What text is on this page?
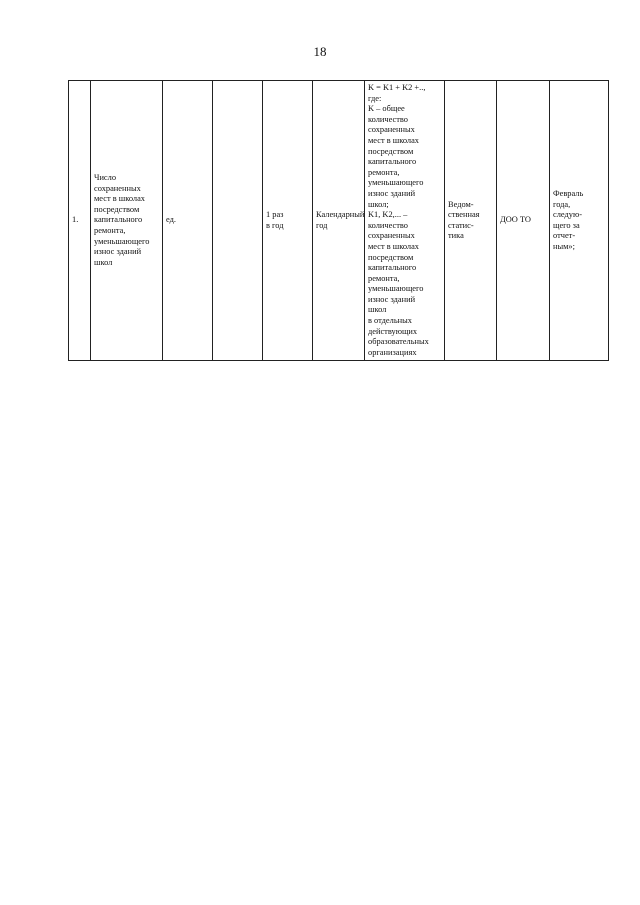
18
1.	Число
сохраненных
мест в школах
посредством
капитального
ремонта,
уменьшающего
износ зданий
школ	ед.		1 раз
в год	Календарный
год	K = K1 + K2 +..,
где:
K – общее
количество
сохраненных
мест в школах
посредством
капитального
ремонта,
уменьшающего
износ зданий
школ;
K1, K2,... –
количество
сохраненных
мест в школах
посредством
капитального
ремонта,
уменьшающего
износ зданий
школ
в отдельных
действующих
образовательных
организациях	Ведом-
ственная
статис-
тика	ДОО ТО	Февраль
года,
следую-
щего за
отчет-
ным»;
